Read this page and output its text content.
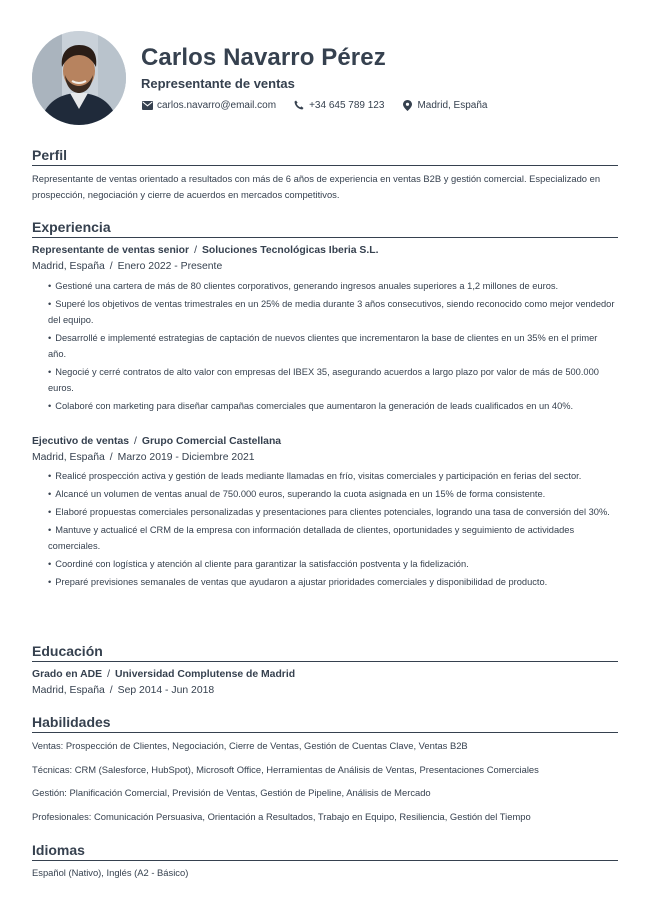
Carlos Navarro Pérez
Representante de ventas
carlos.navarro@email.com	+34 645 789 123	Madrid, España
Perfil
Representante de ventas orientado a resultados con más de 6 años de experiencia en ventas B2B y gestión comercial. Especializado en prospección, negociación y cierre de acuerdos en mercados competitivos.
Experiencia
Representante de ventas senior / Soluciones Tecnológicas Iberia S.L.
Madrid, España / Enero 2022 - Presente
• Gestioné una cartera de más de 80 clientes corporativos, generando ingresos anuales superiores a 1,2 millones de euros.
• Superé los objetivos de ventas trimestrales en un 25% de media durante 3 años consecutivos, siendo reconocido como mejor vendedor del equipo.
• Desarrollé e implementé estrategias de captación de nuevos clientes que incrementaron la base de clientes en un 35% en el primer año.
• Negocié y cerré contratos de alto valor con empresas del IBEX 35, asegurando acuerdos a largo plazo por valor de más de 500.000 euros.
• Colaboré con marketing para diseñar campañas comerciales que aumentaron la generación de leads cualificados en un 40%.
Ejecutivo de ventas / Grupo Comercial Castellana
Madrid, España / Marzo 2019 - Diciembre 2021
• Realicé prospección activa y gestión de leads mediante llamadas en frío, visitas comerciales y participación en ferias del sector.
• Alcancé un volumen de ventas anual de 750.000 euros, superando la cuota asignada en un 15% de forma consistente.
• Elaboré propuestas comerciales personalizadas y presentaciones para clientes potenciales, logrando una tasa de conversión del 30%.
• Mantuve y actualicé el CRM de la empresa con información detallada de clientes, oportunidades y seguimiento de actividades comerciales.
• Coordiné con logística y atención al cliente para garantizar la satisfacción postventa y la fidelización.
• Preparé previsiones semanales de ventas que ayudaron a ajustar prioridades comerciales y disponibilidad de producto.
Educación
Grado en ADE / Universidad Complutense de Madrid
Madrid, España / Sep 2014 - Jun 2018
Habilidades
Ventas: Prospección de Clientes, Negociación, Cierre de Ventas, Gestión de Cuentas Clave, Ventas B2B
Técnicas: CRM (Salesforce, HubSpot), Microsoft Office, Herramientas de Análisis de Ventas, Presentaciones Comerciales
Gestión: Planificación Comercial, Previsión de Ventas, Gestión de Pipeline, Análisis de Mercado
Profesionales: Comunicación Persuasiva, Orientación a Resultados, Trabajo en Equipo, Resiliencia, Gestión del Tiempo
Idiomas
Español (Nativo), Inglés (A2 - Básico)
